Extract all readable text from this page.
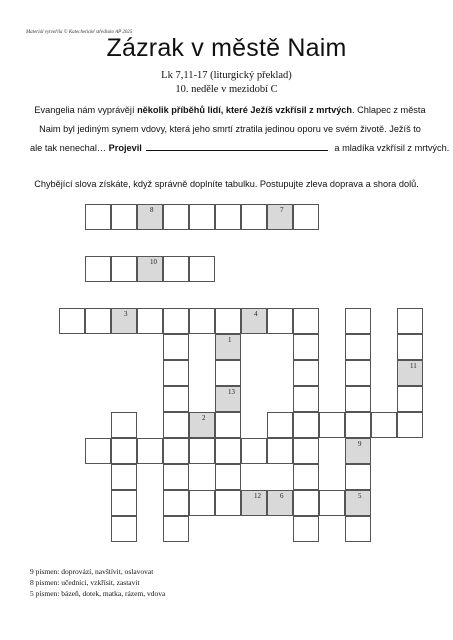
Materiál vytvořila © Katechetické středisko AP 2025
Zázrak v městě Naim
Lk 7,11-17 (liturgický překlad)
10. neděle v mezidobí C
Evangelia nám vyprávějí několik příběhů lidí, které Ježíš vzkřísil z mrtvých. Chlapec z města
Naim byl jediným synem vdovy, která jeho smrtí ztratila jedinou oporu ve svém životě. Ježíš to
ale tak nenechal… Projevil	a mladíka vzkřísil z mrtvých.
Chybějící slova získáte, když správně doplníte tabulku. Postupujte zleva doprava a shora dolů.
8	7
10
3	4
1
11
13
2
9
12	6	5
9 písmen: doprovází, navštívit, oslavovat
8 písmen: učedníci, vzkřísit, zastavit
5 písmen: bázeň, dotek, matka, rázem, vdova
